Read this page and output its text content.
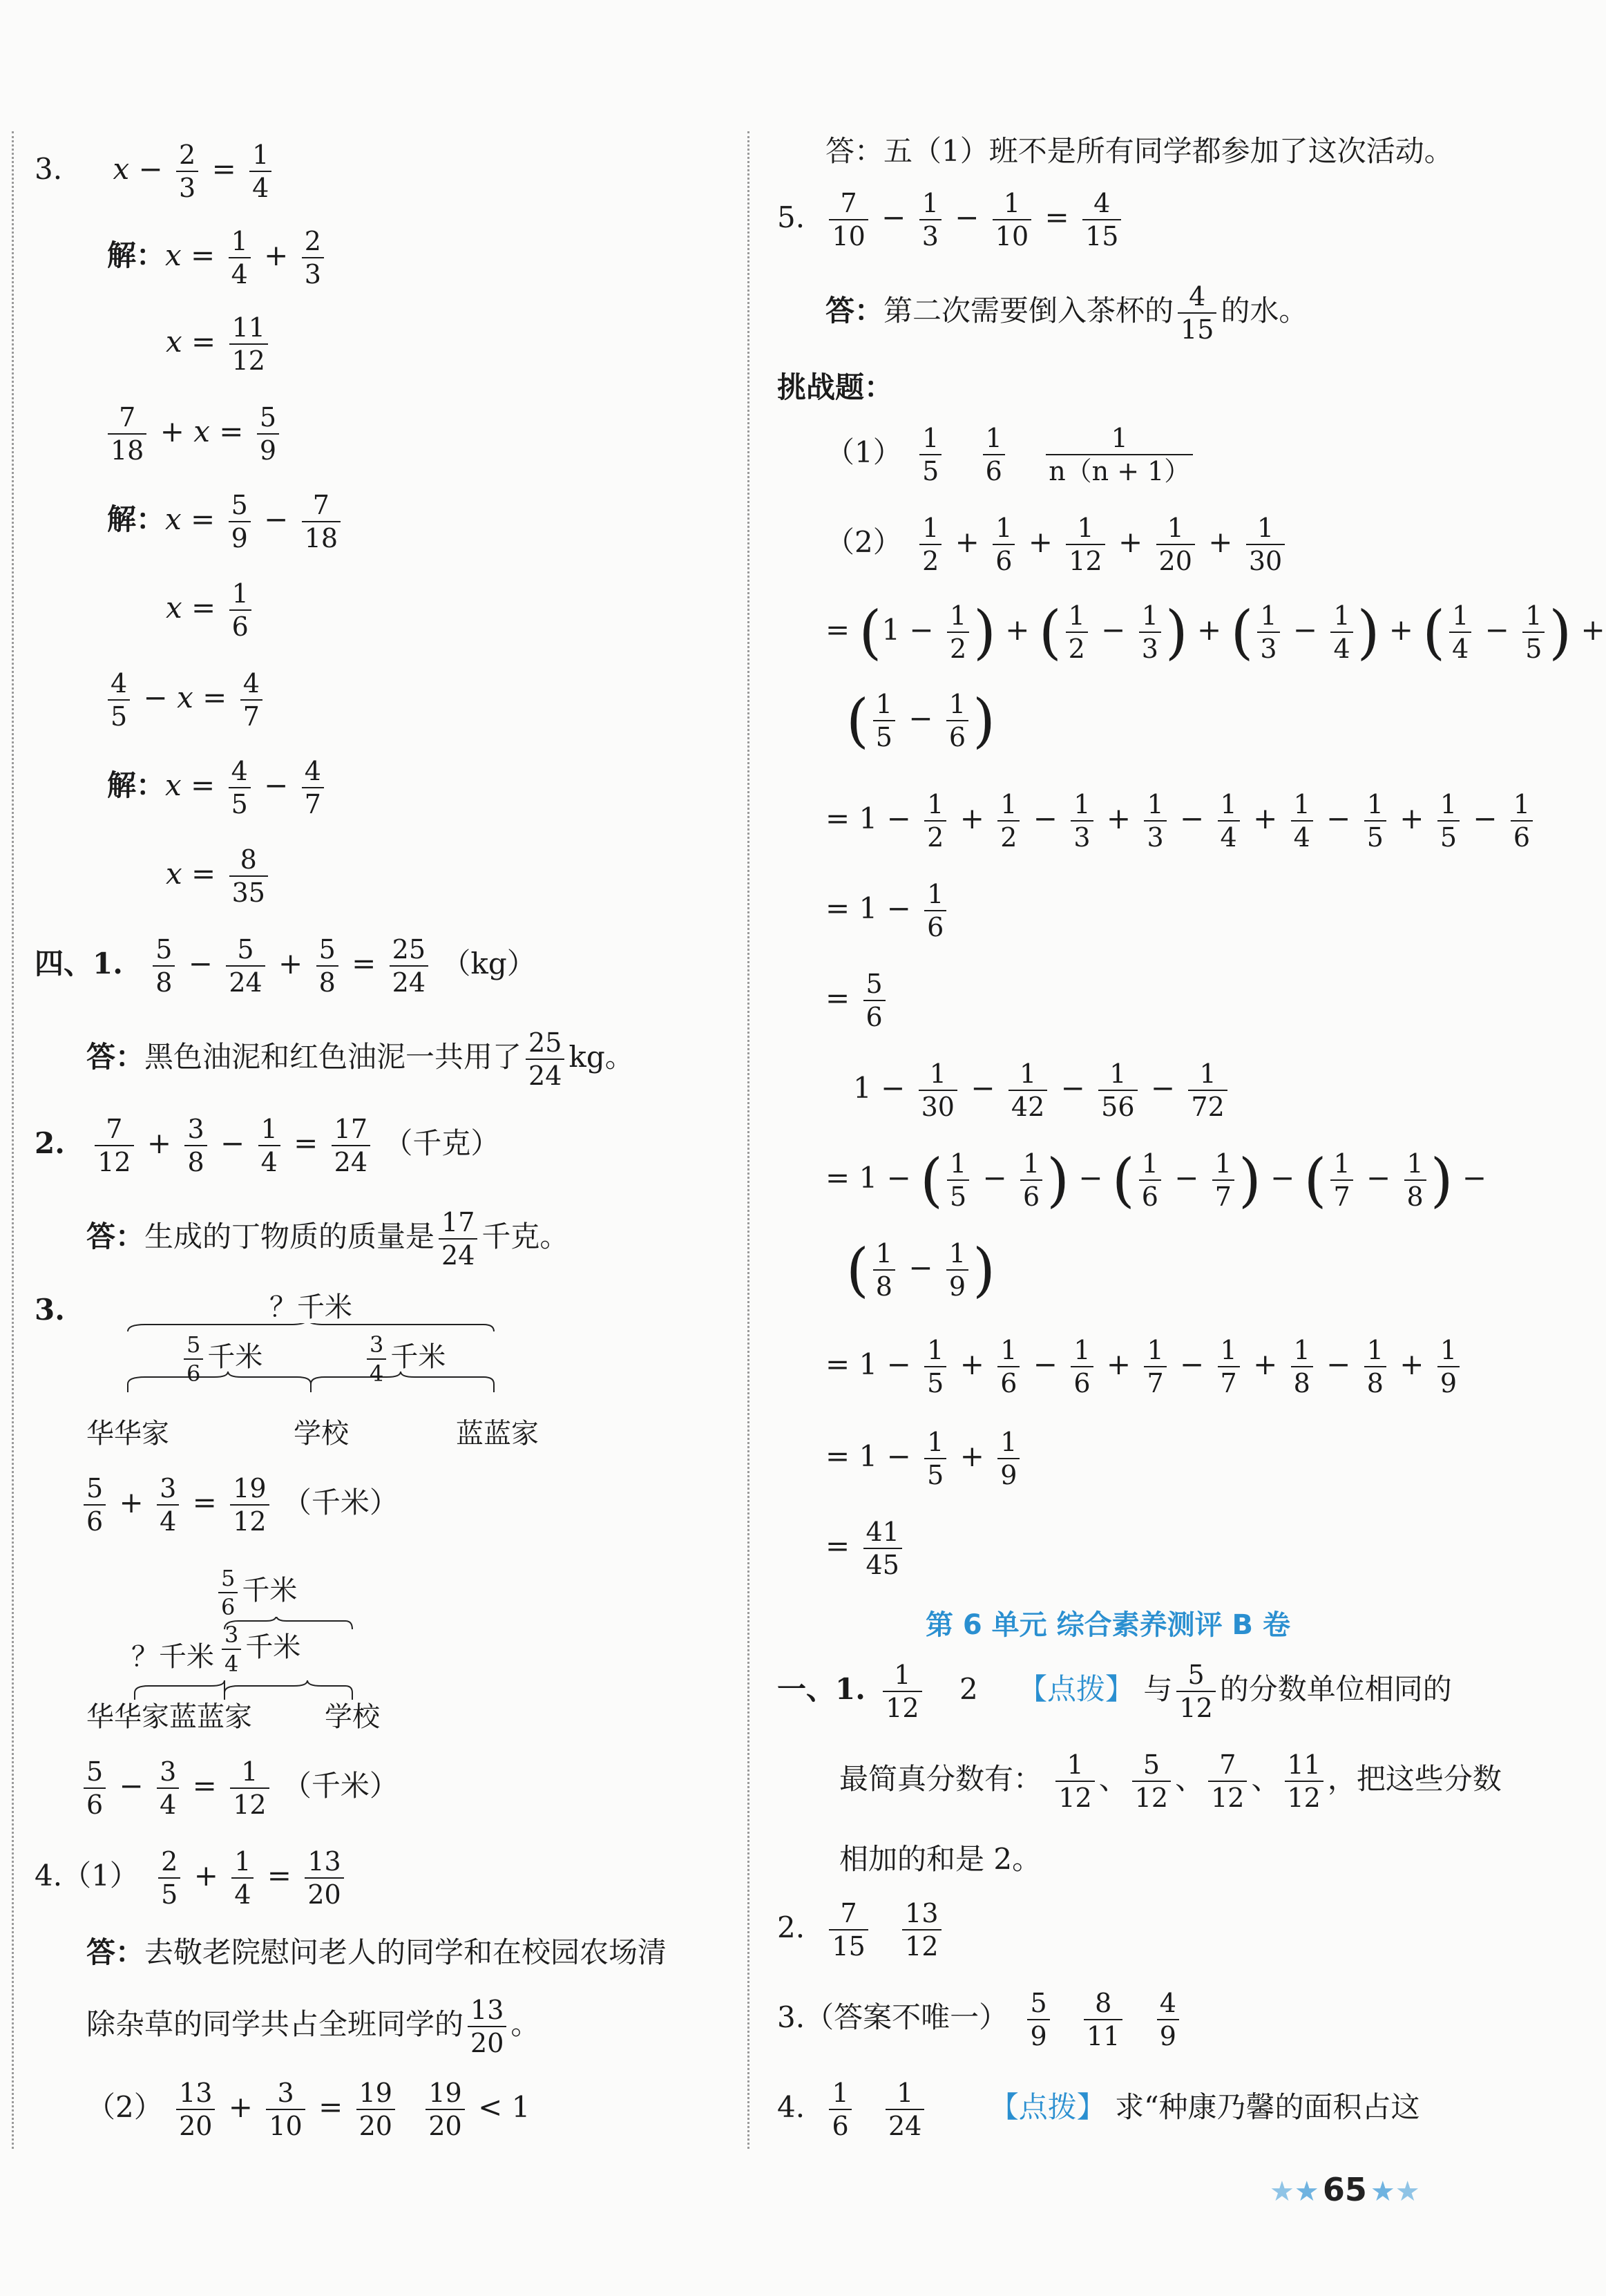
3. $x - \frac{2}{3} = \frac{1}{4}$
解：$x = \frac{1}{4} + \frac{2}{3}$
$x = \frac{11}{12}$
$\frac{7}{18} + x = \frac{5}{9}$
解：$x = \frac{5}{9} - \frac{7}{18}$
$x = \frac{1}{6}$
$\frac{4}{5} - x = \frac{4}{7}$
解：$x = \frac{4}{5} - \frac{4}{7}$
$x = \frac{8}{35}$
四、1. $\frac{5}{8} - \frac{5}{24} + \frac{5}{8} = \frac{25}{24} (kg)$
答：黑色油泥和红色油泥一共用了 $\frac{25}{24}$ kg。
2. $\frac{7}{12} + \frac{3}{8} - \frac{1}{4} = \frac{17}{24}$ （千克）
答：生成的丁物质的质量是 $\frac{17}{24}$ 千克。
3.	？千米
$\frac{5}{6}$ 千米	$\frac{3}{4}$ 千米
华华家	学校	蓝蓝家
$\frac{5}{6} + \frac{3}{4} = \frac{19}{12}$ （千米）
$\frac{5}{6}$ 千米
？千米 $\frac{3}{4}$ 千米
华华家蓝蓝家	学校
$\frac{5}{6} - \frac{3}{4} = \frac{1}{12}$ （千米）
$4.(1) \frac{2}{5} + \frac{1}{4} = \frac{13}{20}$
答：去敬老院慰问老人的同学和在校园农场清
除杂草的同学共占全班同学的 $\frac{13}{20}$ 。
$(2) \frac{13}{20} + \frac{3}{10} = \frac{19}{20}$
$\frac{19}{20} < 1$
答：五（1）班不是所有同学都参加了这次活动。
5. $\frac{7}{10} - \frac{1}{3} - \frac{1}{10} = \frac{4}{15}$
答：第二次需要倒入茶杯的 $\frac{4}{15}$ 的水。
挑战题：
$(1) \frac{1}{5}$
$\frac{1}{6}$
$\frac{1}{n(n + 1)}$
$(2) \frac{1}{2} + \frac{1}{6} + \frac{1}{12} + \frac{1}{20} + \frac{1}{30}$
= ($1 - \frac{1}{2}$ ) + ( $\frac{1}{2} - \frac{1}{3}$ ) + ( $\frac{1}{3} - \frac{1}{4}$ ) + ( $\frac{1}{4} - \frac{1}{5}$ ) +
( $\frac{1}{5} - \frac{1}{6}$ )
= $1 - \frac{1}{2} + \frac{1}{2} - \frac{1}{3} + \frac{1}{3} - \frac{1}{4} + \frac{1}{4} - \frac{1}{5} + \frac{1}{5} - \frac{1}{6}$
= $1 - \frac{1}{6}$
= $\frac{5}{6}$
$1 - \frac{1}{30} - \frac{1}{42} - \frac{1}{56} - \frac{1}{72}$
= 1 − ( $\frac{1}{5} - \frac{1}{6}$ ) − ( $\frac{1}{6} - \frac{1}{7}$ ) − ( $\frac{1}{7} - \frac{1}{8}$ ) −
( $\frac{1}{8} - \frac{1}{9}$ )
= $1 - \frac{1}{5} + \frac{1}{6} - \frac{1}{6} + \frac{1}{7} - \frac{1}{7} + \frac{1}{8} - \frac{1}{8} + \frac{1}{9}$
= $1 - \frac{1}{5} + \frac{1}{9}$
= $\frac{41}{45}$
第 6 单元 综合素养测评 B 卷
一、1. $\frac{1}{12} 2$ 【点拨】 与 $\frac{5}{12}$ 的分数单位相同的
最简真分数有： $\frac{1}{12}$ 、 $\frac{5}{12}$ 、 $\frac{7}{12}$ 、 $\frac{11}{12}$ ，把这些分数
相加的和是 2。
2. $\frac{7}{15}$
$\frac{13}{12}$
3.（答案不唯一） $\frac{5}{9}$
$\frac{8}{11}$
$\frac{4}{9}$
4. $\frac{1}{6}$
$\frac{1}{24}$ 【点拨】 求“种康乃馨的面积占这
★★ 65 ★★
